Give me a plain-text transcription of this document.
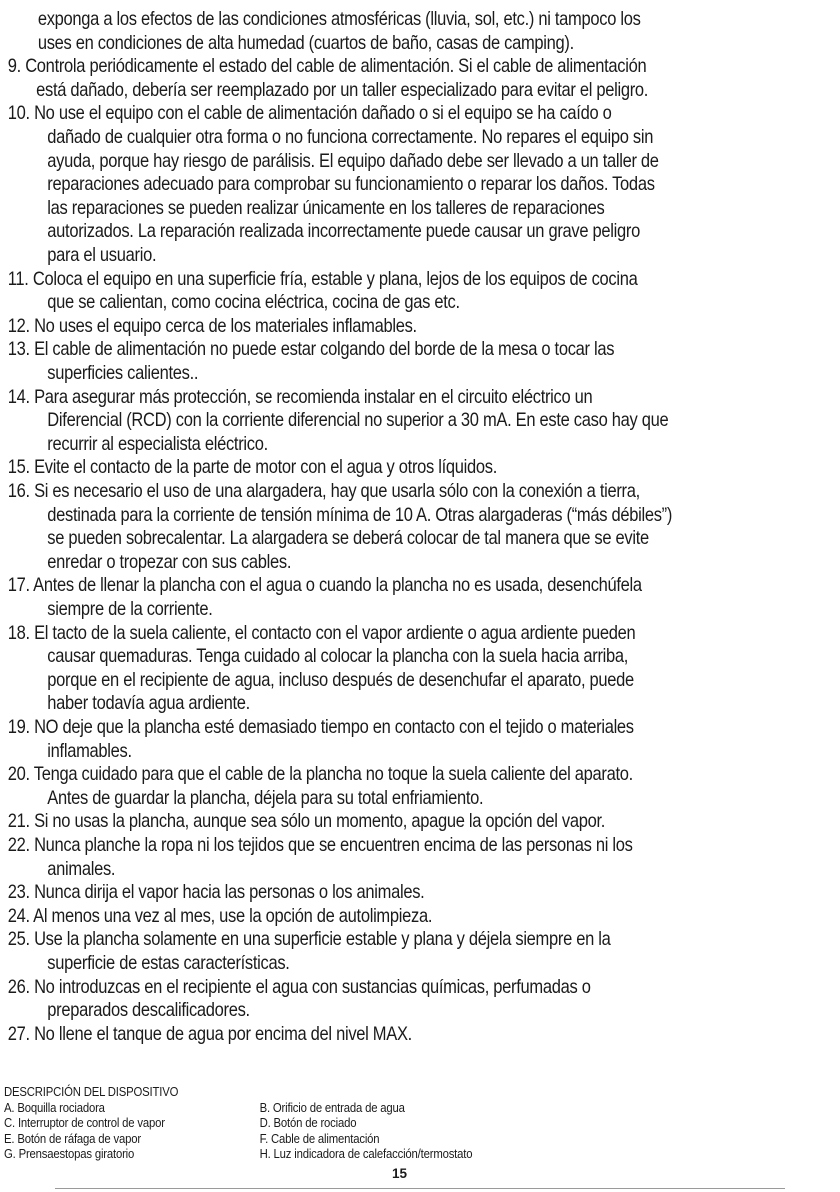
exponga a los efectos de las condiciones atmosféricas (lluvia, sol, etc.) ni tampoco los
uses en condiciones de alta humedad (cuartos de baño, casas de camping).
9. Controla periódicamente el estado del cable de alimentación. Si el cable de alimentación
está dañado, debería ser reemplazado por un taller especializado para evitar el peligro.
10. No use el equipo con el cable de alimentación dañado o si el equipo se ha caído o
dañado de cualquier otra forma o no funciona correctamente. No repares el equipo sin
ayuda, porque hay riesgo de parálisis. El equipo dañado debe ser llevado a un taller de
reparaciones adecuado para comprobar su funcionamiento o reparar los daños. Todas
las reparaciones se pueden realizar únicamente en los talleres de reparaciones
autorizados. La reparación realizada incorrectamente puede causar un grave peligro
para el usuario.
11. Coloca el equipo en una superficie fría, estable y plana, lejos de los equipos de cocina
que se calientan, como cocina eléctrica, cocina de gas etc.
12. No uses el equipo cerca de los materiales inflamables.
13. El cable de alimentación no puede estar colgando del borde de la mesa o tocar las
superficies calientes..
14. Para asegurar más protección, se recomienda instalar en el circuito eléctrico un
Diferencial (RCD) con la corriente diferencial no superior a 30 mA. En este caso hay que
recurrir al especialista eléctrico.
15. Evite el contacto de la parte de motor con el agua y otros líquidos.
16. Si es necesario el uso de una alargadera, hay que usarla sólo con la conexión a tierra,
destinada para la corriente de tensión mínima de 10 A. Otras alargaderas (“más débiles”)
se pueden sobrecalentar. La alargadera se deberá colocar de tal manera que se evite
enredar o tropezar con sus cables.
17. Antes de llenar la plancha con el agua o cuando la plancha no es usada, desenchúfela
siempre de la corriente.
18. El tacto de la suela caliente, el contacto con el vapor ardiente o agua ardiente pueden
causar quemaduras. Tenga cuidado al colocar la plancha con la suela hacia arriba,
porque en el recipiente de agua, incluso después de desenchufar el aparato, puede
haber todavía agua ardiente.
19. NO deje que la plancha esté demasiado tiempo en contacto con el tejido o materiales
inflamables.
20. Tenga cuidado para que el cable de la plancha no toque la suela caliente del aparato.
Antes de guardar la plancha, déjela para su total enfriamiento.
21. Si no usas la plancha, aunque sea sólo un momento, apague la opción del vapor.
22. Nunca planche la ropa ni los tejidos que se encuentren encima de las personas ni los
animales.
23. Nunca dirija el vapor hacia las personas o los animales.
24. Al menos una vez al mes, use la opción de autolimpieza.
25. Use la plancha solamente en una superficie estable y plana y déjela siempre en la
superficie de estas características.
26. No introduzcas en el recipiente el agua con sustancias químicas, perfumadas o
preparados descalificadores.
27. No llene el tanque de agua por encima del nivel MAX.
DESCRIPCIÓN DEL DISPOSITIVO
A. Boquilla rociadora	B. Orificio de entrada de agua
C. Interruptor de control de vapor	D. Botón de rociado
E. Botón de ráfaga de vapor	F. Cable de alimentación
G. Prensaestopas giratorio	H. Luz indicadora de calefacción/termostato
15
